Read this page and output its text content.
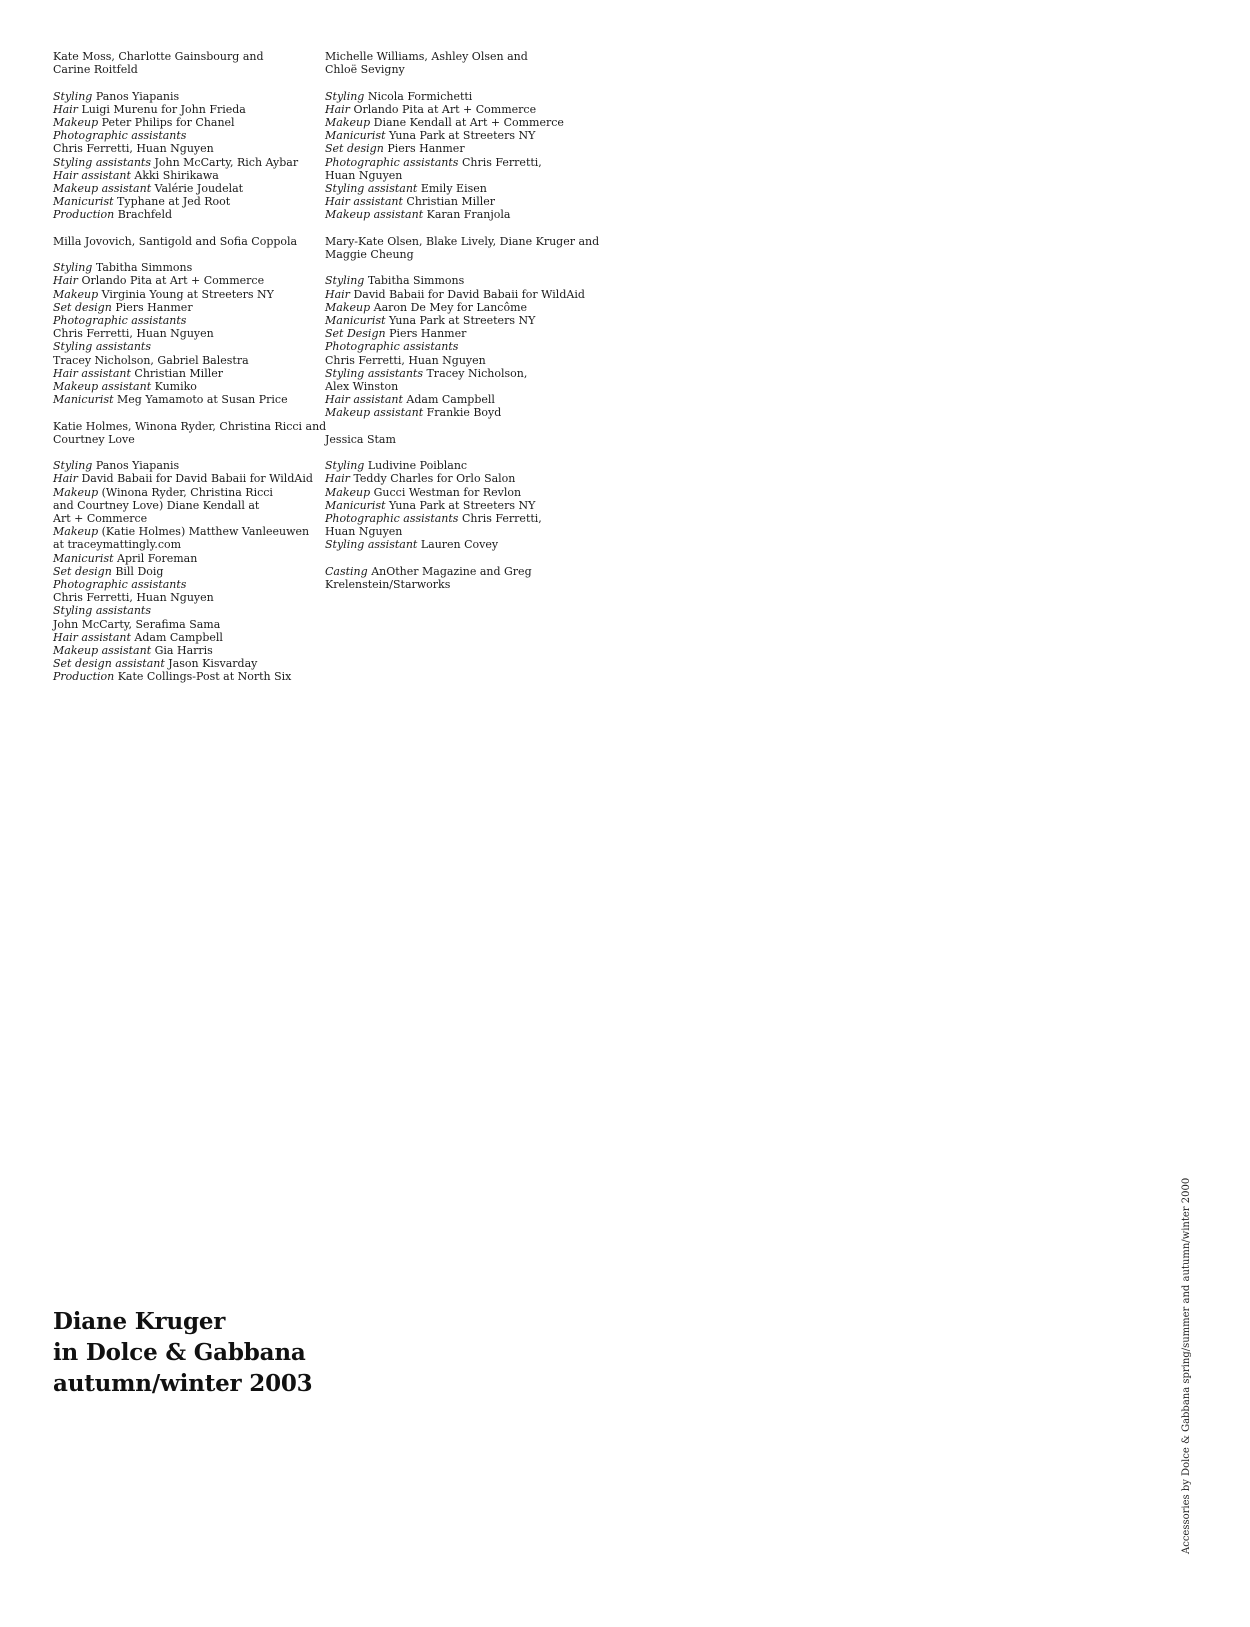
Kate Moss, Charlotte Gainsbourg and
Carine Roitfeld
Styling Panos Yiapanis
Hair Luigi Murenu for John Frieda
Makeup Peter Philips for Chanel
Photographic assistants
Chris Ferretti, Huan Nguyen
Styling assistants John McCarty, Rich Aybar
Hair assistant Akki Shirikawa
Makeup assistant Valérie Joudelat
Manicurist Typhane at Jed Root
Production Brachfeld
Milla Jovovich, Santigold and Sofia Coppola
Styling Tabitha Simmons
Hair Orlando Pita at Art + Commerce
Makeup Virginia Young at Streeters NY
Set design Piers Hanmer
Photographic assistants
Chris Ferretti, Huan Nguyen
Styling assistants
Tracey Nicholson, Gabriel Balestra
Hair assistant Christian Miller
Makeup assistant Kumiko
Manicurist Meg Yamamoto at Susan Price
Katie Holmes, Winona Ryder, Christina Ricci and
Courtney Love
Styling Panos Yiapanis
Hair David Babaii for David Babaii for WildAid
Makeup (Winona Ryder, Christina Ricci
and Courtney Love) Diane Kendall at
Art + Commerce
Makeup (Katie Holmes) Matthew Vanleeuwen
at traceymattingly.com
Manicurist April Foreman
Set design Bill Doig
Photographic assistants
Chris Ferretti, Huan Nguyen
Styling assistants
John McCarty, Serafima Sama
Hair assistant Adam Campbell
Makeup assistant Gia Harris
Set design assistant Jason Kisvarday
Production Kate Collings-Post at North Six
Michelle Williams, Ashley Olsen and
Chloë Sevigny
Styling Nicola Formichetti
Hair Orlando Pita at Art + Commerce
Makeup Diane Kendall at Art + Commerce
Manicurist Yuna Park at Streeters NY
Set design Piers Hanmer
Photographic assistants Chris Ferretti,
Huan Nguyen
Styling assistant Emily Eisen
Hair assistant Christian Miller
Makeup assistant Karan Franjola
Mary-Kate Olsen, Blake Lively, Diane Kruger and
Maggie Cheung
Styling Tabitha Simmons
Hair David Babaii for David Babaii for WildAid
Makeup Aaron De Mey for Lancôme
Manicurist Yuna Park at Streeters NY
Set Design Piers Hanmer
Photographic assistants
Chris Ferretti, Huan Nguyen
Styling assistants Tracey Nicholson,
Alex Winston
Hair assistant Adam Campbell
Makeup assistant Frankie Boyd
Jessica Stam
Styling Ludivine Poiblanc
Hair Teddy Charles for Orlo Salon
Makeup Gucci Westman for Revlon
Manicurist Yuna Park at Streeters NY
Photographic assistants Chris Ferretti,
Huan Nguyen
Styling assistant Lauren Covey
Casting AnOther Magazine and Greg
Krelenstein/Starworks
Diane Kruger
in Dolce & Gabbana
autumn/winter 2003	Accessories by Dolce & Gabbana spring/summer and autumn/winter 2000
